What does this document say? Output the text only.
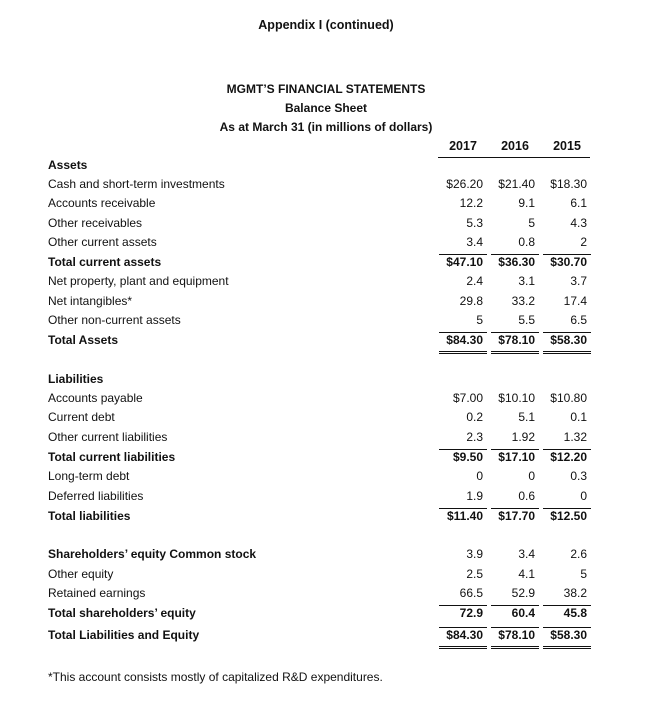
Appendix I (continued)
MGMT’S FINANCIAL STATEMENTS
Balance Sheet
As at March 31 (in millions of dollars)
2017	2016	2015
Assets
Cash and short-term investments	$26.20	$21.40	$18.30
Accounts receivable	12.2	9.1	6.1
Other receivables	5.3	5	4.3
Other current assets	3.4	0.8	2
Total current assets	$47.10	$36.30	$30.70
Net property, plant and equipment	2.4	3.1	3.7
Net intangibles*	29.8	33.2	17.4
Other non-current assets	5	5.5	6.5
Total Assets	$84.30	$78.10	$58.30
Liabilities
Accounts payable	$7.00	$10.10	$10.80
Current debt	0.2	5.1	0.1
Other current liabilities	2.3	1.92	1.32
Total current liabilities	$9.50	$17.10	$12.20
Long-term debt	0	0	0.3
Deferred liabilities	1.9	0.6	0
Total liabilities	$11.40	$17.70	$12.50
Shareholders’ equity Common stock	3.9	3.4	2.6
Other equity	2.5	4.1	5
Retained earnings	66.5	52.9	38.2
Total shareholders’ equity	72.9	60.4	45.8
Total Liabilities and Equity	$84.30	$78.10	$58.30
*This account consists mostly of capitalized R&D expenditures.
